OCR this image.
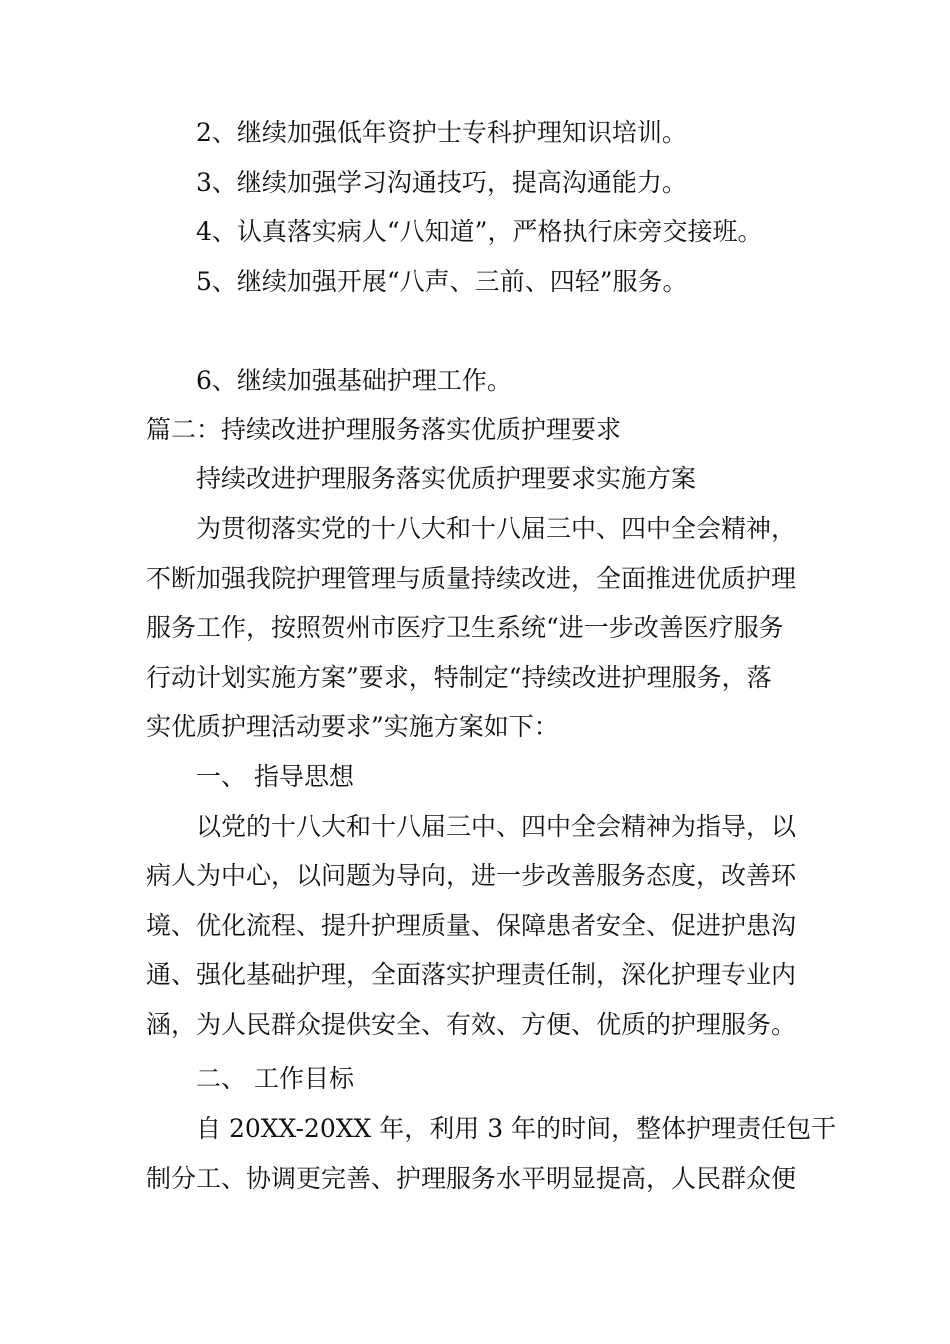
2、继续加强低年资护士专科护理知识培训。
3、继续加强学习沟通技巧，提高沟通能力。
4、认真落实病人“八知道”，严格执行床旁交接班。
5、继续加强开展“八声、三前、四轻”服务。
6、继续加强基础护理工作。
篇二：持续改进护理服务落实优质护理要求
持续改进护理服务落实优质护理要求实施方案
为贯彻落实党的十八大和十八届三中、四中全会精神，
不断加强我院护理管理与质量持续改进，全面推进优质护理
服务工作，按照贺州市医疗卫生系统“进一步改善医疗服务
行动计划实施方案”要求，特制定“持续改进护理服务，落
实优质护理活动要求”实施方案如下：
一、 指导思想
以党的十八大和十八届三中、四中全会精神为指导，以
病人为中心，以问题为导向，进一步改善服务态度，改善环
境、优化流程、提升护理质量、保障患者安全、促进护患沟
通、强化基础护理，全面落实护理责任制，深化护理专业内
涵，为人民群众提供安全、有效、方便、优质的护理服务。
二、 工作目标
自 20XX-20XX 年，利用 3 年的时间，整体护理责任包干
制分工、协调更完善、护理服务水平明显提高，人民群众便
